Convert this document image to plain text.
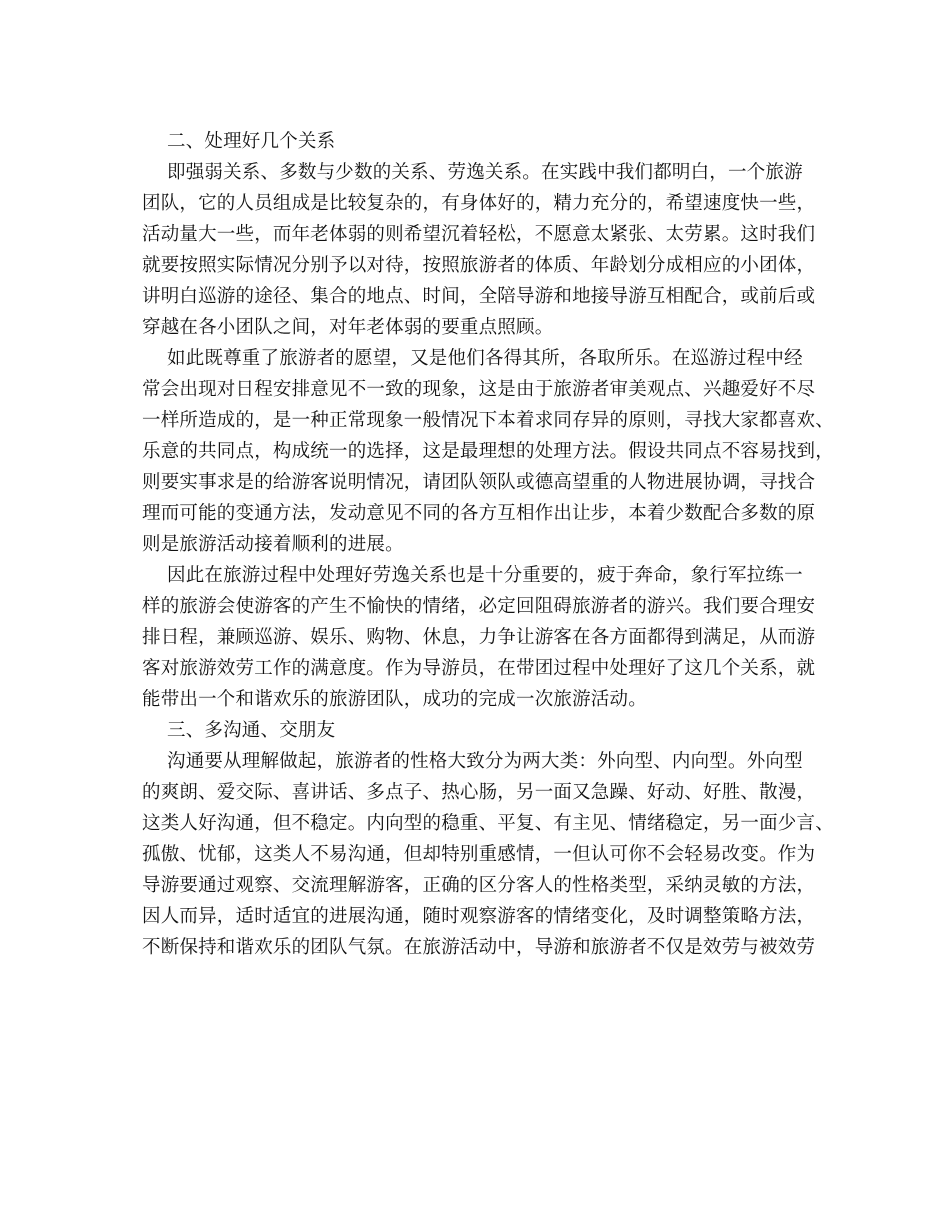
二、处理好几个关系
即强弱关系、多数与少数的关系、劳逸关系。在实践中我们都明白，一个旅游
团队，它的人员组成是比较复杂的，有身体好的，精力充分的，希望速度快一些，
活动量大一些，而年老体弱的则希望沉着轻松，不愿意太紧张、太劳累。这时我们
就要按照实际情况分别予以对待，按照旅游者的体质、年龄划分成相应的小团体，
讲明白巡游的途径、集合的地点、时间，全陪导游和地接导游互相配合，或前后或
穿越在各小团队之间，对年老体弱的要重点照顾。
如此既尊重了旅游者的愿望，又是他们各得其所，各取所乐。在巡游过程中经
常会出现对日程安排意见不一致的现象，这是由于旅游者审美观点、兴趣爱好不尽
一样所造成的，是一种正常现象一般情况下本着求同存异的原则，寻找大家都喜欢、
乐意的共同点，构成统一的选择，这是最理想的处理方法。假设共同点不容易找到，
则要实事求是的给游客说明情况，请团队领队或德高望重的人物进展协调，寻找合
理而可能的变通方法，发动意见不同的各方互相作出让步，本着少数配合多数的原
则是旅游活动接着顺利的进展。
因此在旅游过程中处理好劳逸关系也是十分重要的，疲于奔命，象行军拉练一
样的旅游会使游客的产生不愉快的情绪，必定回阻碍旅游者的游兴。我们要合理安
排日程，兼顾巡游、娱乐、购物、休息，力争让游客在各方面都得到满足，从而游
客对旅游效劳工作的满意度。作为导游员，在带团过程中处理好了这几个关系，就
能带出一个和谐欢乐的旅游团队，成功的完成一次旅游活动。
三、多沟通、交朋友
沟通要从理解做起，旅游者的性格大致分为两大类：外向型、内向型。外向型
的爽朗、爱交际、喜讲话、多点子、热心肠，另一面又急躁、好动、好胜、散漫，
这类人好沟通，但不稳定。内向型的稳重、平复、有主见、情绪稳定，另一面少言、
孤傲、忧郁，这类人不易沟通，但却特别重感情，一但认可你不会轻易改变。作为
导游要通过观察、交流理解游客，正确的区分客人的性格类型，采纳灵敏的方法，
因人而异，适时适宜的进展沟通，随时观察游客的情绪变化，及时调整策略方法，
不断保持和谐欢乐的团队气氛。在旅游活动中，导游和旅游者不仅是效劳与被效劳
